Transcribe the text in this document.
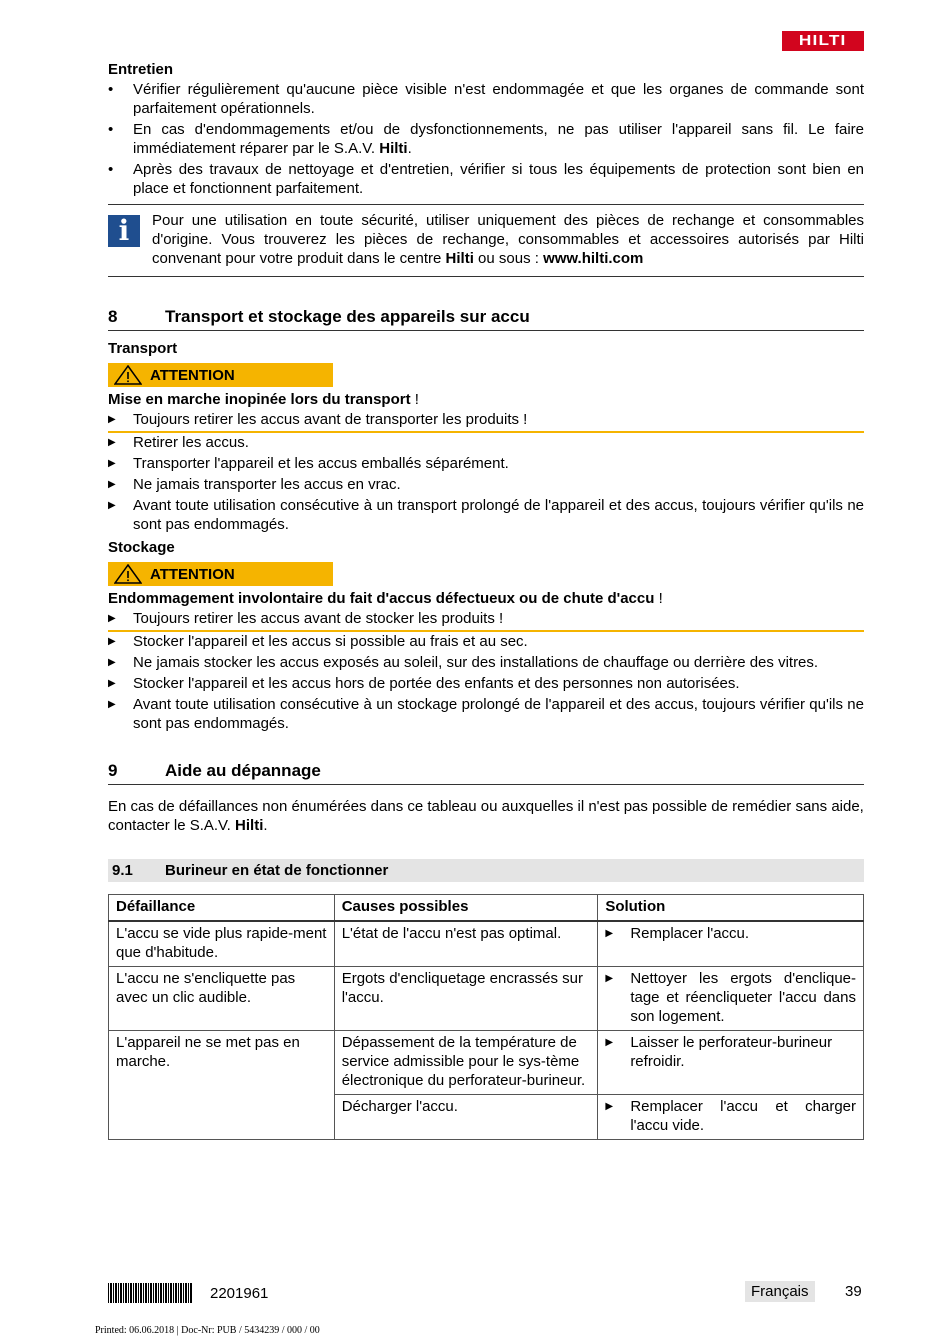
HILTI

Entretien

•
Vérifier régulièrement qu'aucune pièce visible n'est endommagée et que les organes de commande sont parfaitement opérationnels.
•
En cas d'endommagements et/ou de dysfonctionnements, ne pas utiliser l'appareil sans fil. Le faire immédiatement réparer par le S.A.V. Hilti.
•
Après des travaux de nettoyage et d'entretien, vérifier si tous les équipements de protection sont bien en place et fonctionnent parfaitement.
i	Pour une utilisation en toute sécurité, utiliser uniquement des pièces de rechange et consommables d'origine. Vous trouverez les pièces de rechange, consommables et accessoires autorisés par Hilti convenant pour votre produit dans le centre Hilti ou sous : www.hilti.com
8	Transport et stockage des appareils sur accu

Transport

ATTENTION
Mise en marche inopinée lors du transport !
▶	Toujours retirer les accus avant de transporter les produits !
▶	Retirer les accus.
▶	Transporter l'appareil et les accus emballés séparément.
▶	Ne jamais transporter les accus en vrac.
▶	Avant toute utilisation consécutive à un transport prolongé de l'appareil et des accus, toujours vérifier qu'ils ne sont pas endommagés.

Stockage

ATTENTION
Endommagement involontaire du fait d'accus défectueux ou de chute d'accu !
▶	Toujours retirer les accus avant de stocker les produits !
▶	Stocker l'appareil et les accus si possible au frais et au sec.
▶	Ne jamais stocker les accus exposés au soleil, sur des installations de chauffage ou derrière des vitres.
▶	Stocker l'appareil et les accus hors de portée des enfants et des personnes non autorisées.
▶	Avant toute utilisation consécutive à un stockage prolongé de l'appareil et des accus, toujours vérifier qu'ils ne sont pas endommagés.
9	Aide au dépannage
En cas de défaillances non énumérées dans ce tableau ou auxquelles il n'est pas possible de remédier sans aide, contacter le S.A.V. Hilti.
9.1	Burineur en état de fonctionner
Défaillance	Causes possibles	Solution
L'accu se vide plus rapide-ment que d'habitude.	L'état de l'accu n'est pas optimal.	▶ Remplacer l'accu.

L'accu ne s'encliquette pas avec un clic audible.	Ergots d'encliquetage encrassés sur l'accu.	▶ Nettoyer les ergots d'enclique-tage et réencliqueter l'accu dans son logement.

L'appareil ne se met pas en marche.	Dépassement de la température de service admissible pour le sys-tème électronique du perforateur-burineur.	▶ Laisser le perforateur-burineur refroidir.

	Décharger l'accu.	▶ Remplacer l'accu et charger l'accu vide.
2201961	Français	39
Printed: 06.06.2018 | Doc-Nr: PUB / 5434239 / 000 / 00
